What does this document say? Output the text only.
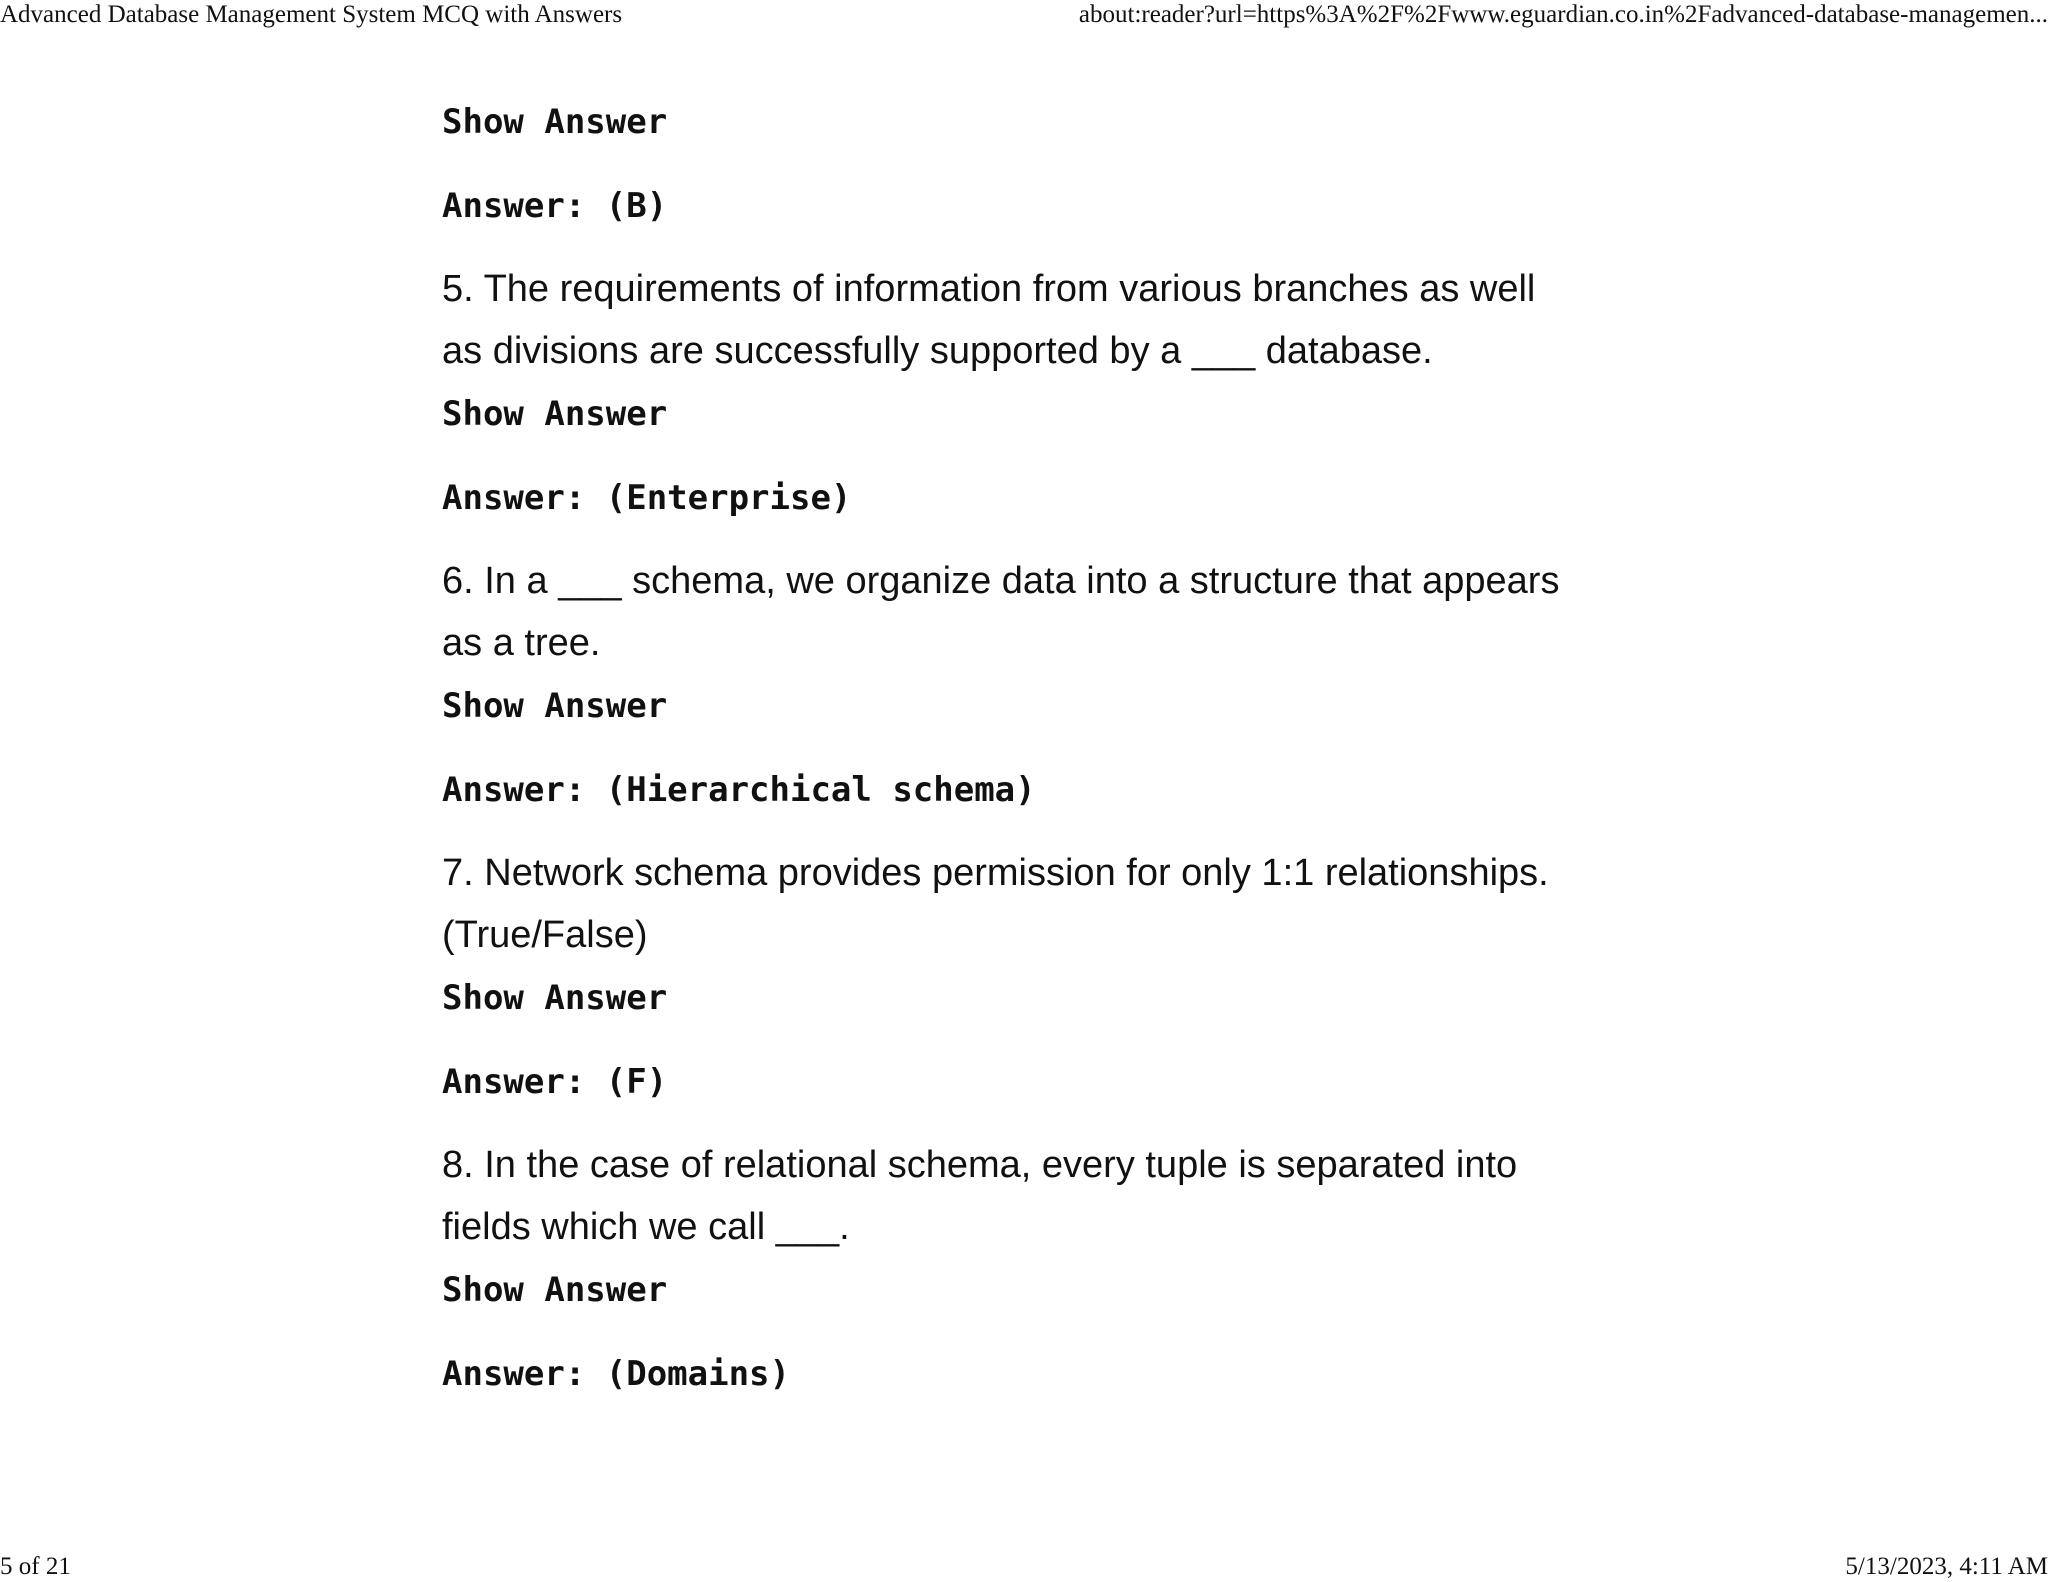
Advanced Database Management System MCQ with Answers	about:reader?url=https%3A%2F%2Fwww.eguardian.co.in%2Fadvanced-database-managemen...
Show Answer
Answer: (B)
5. The requirements of information from various branches as well
as divisions are successfully supported by a ___ database.
Show Answer
Answer: (Enterprise)
6. In a ___ schema, we organize data into a structure that appears
as a tree.
Show Answer
Answer: (Hierarchical schema)
7. Network schema provides permission for only 1:1 relationships.
(True/False)
Show Answer
Answer: (F)
8. In the case of relational schema, every tuple is separated into
fields which we call ___.
Show Answer
Answer: (Domains)
5 of 21	5/13/2023, 4:11 AM
